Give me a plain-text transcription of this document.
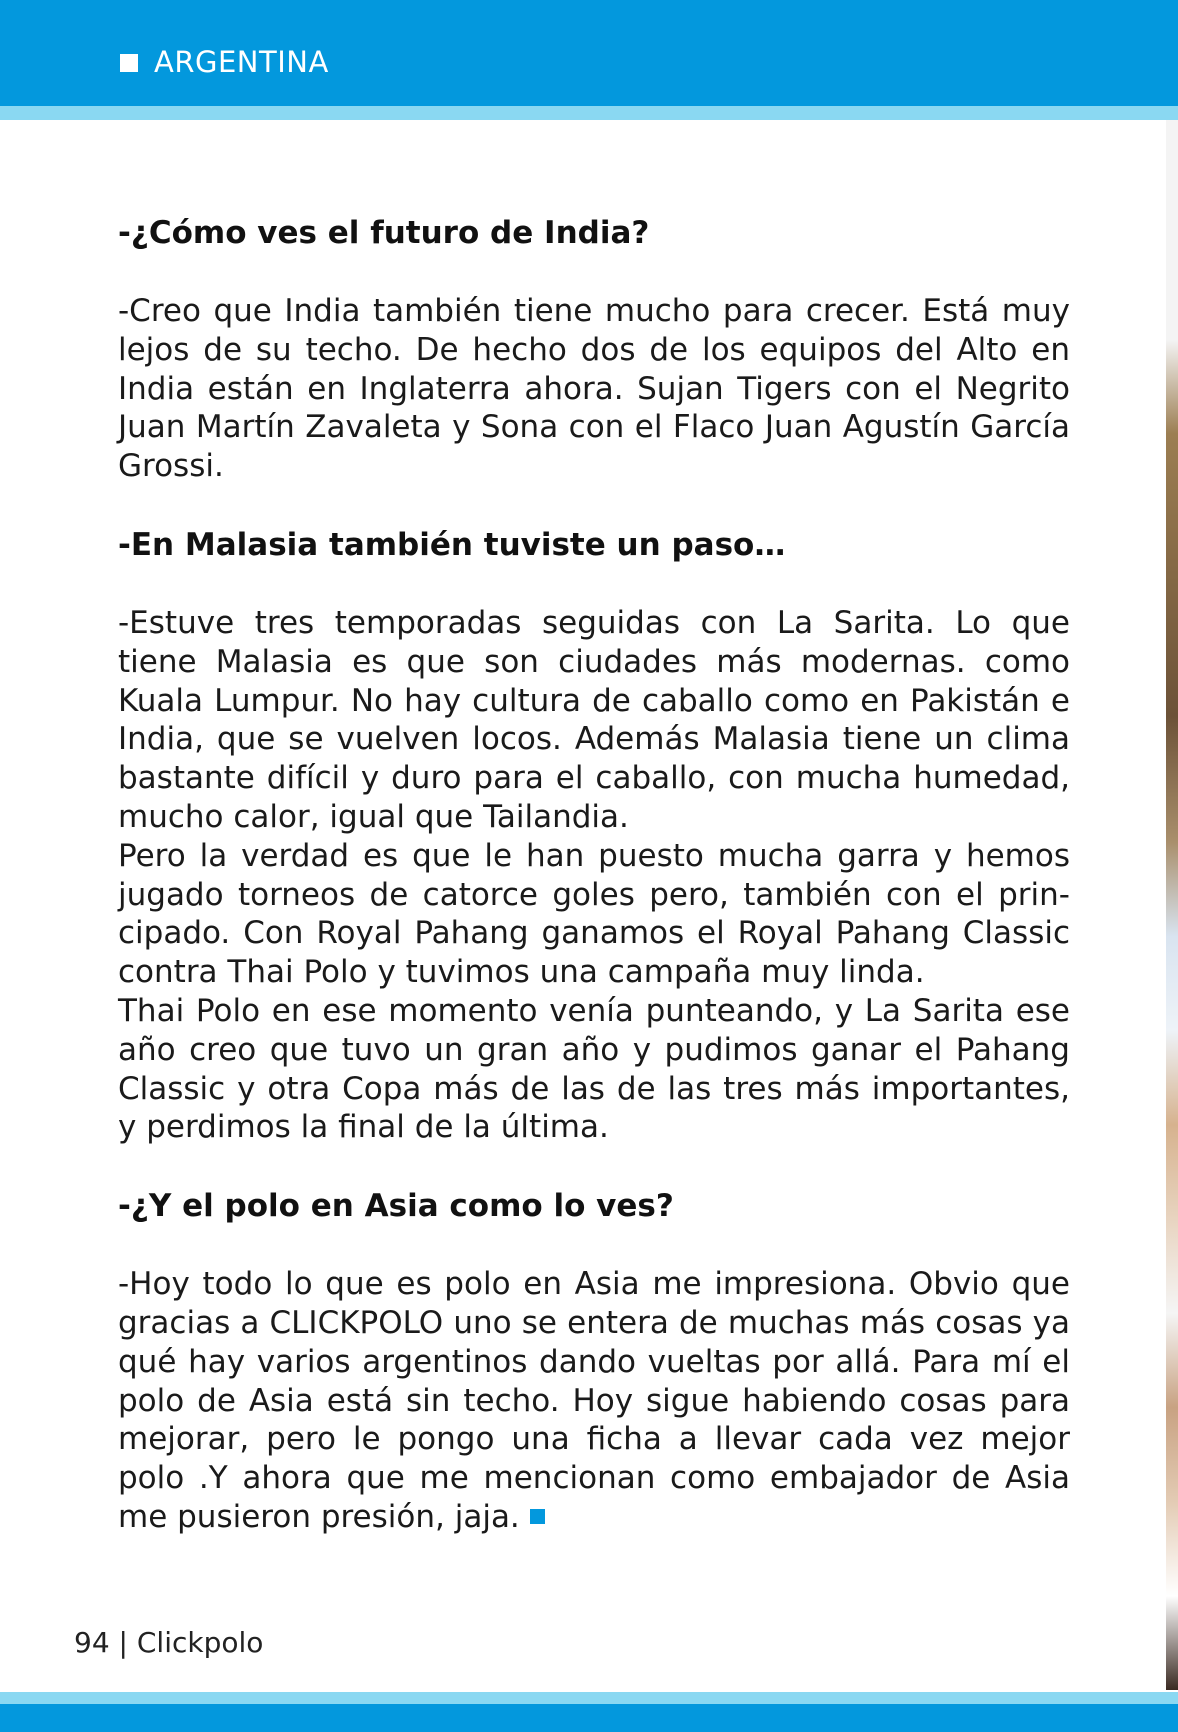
ARGENTINA

-¿Cómo ves el futuro de India?

-Creo que India también tiene mucho para crecer. Está muy lejos de su techo. De hecho dos de los equipos del Alto en India están en Inglaterra ahora. Sujan Tigers con el Negrito Juan Martín Zavaleta y Sona con el Flaco Juan Agustín García Grossi.

-En Malasia también tuviste un paso…

-Estuve tres temporadas seguidas con La Sarita. Lo que tiene Malasia es que son ciudades más modernas. como Kuala Lumpur. No hay cultura de caballo como en Pakistán e India, que se vuelven locos. Además Malasia tiene un clima bastante difícil y duro para el caballo, con mucha humedad, mucho calor, igual que Tailandia.

Pero la verdad es que le han puesto mucha garra y hemos jugado torneos de catorce goles pero, también con el prin-cipado. Con Royal Pahang ganamos el Royal Pahang Classic contra Thai Polo y tuvimos una campaña muy linda.

Thai Polo en ese momento venía punteando, y La Sarita ese año creo que tuvo un gran año y pudimos ganar el Pahang Classic y otra Copa más de las de las tres más importantes, y perdimos la final de la última.

-¿Y el polo en Asia como lo ves?

-Hoy todo lo que es polo en Asia me impresiona. Obvio que gracias a CLICKPOLO uno se entera de muchas más cosas ya qué hay varios argentinos dando vueltas por allá. Para mí el polo de Asia está sin techo. Hoy sigue habiendo cosas para mejorar, pero le pongo una ficha a llevar cada vez mejor polo .Y ahora que me mencionan como embajador de Asia me pusieron presión, jaja.

94 | Clickpolo
